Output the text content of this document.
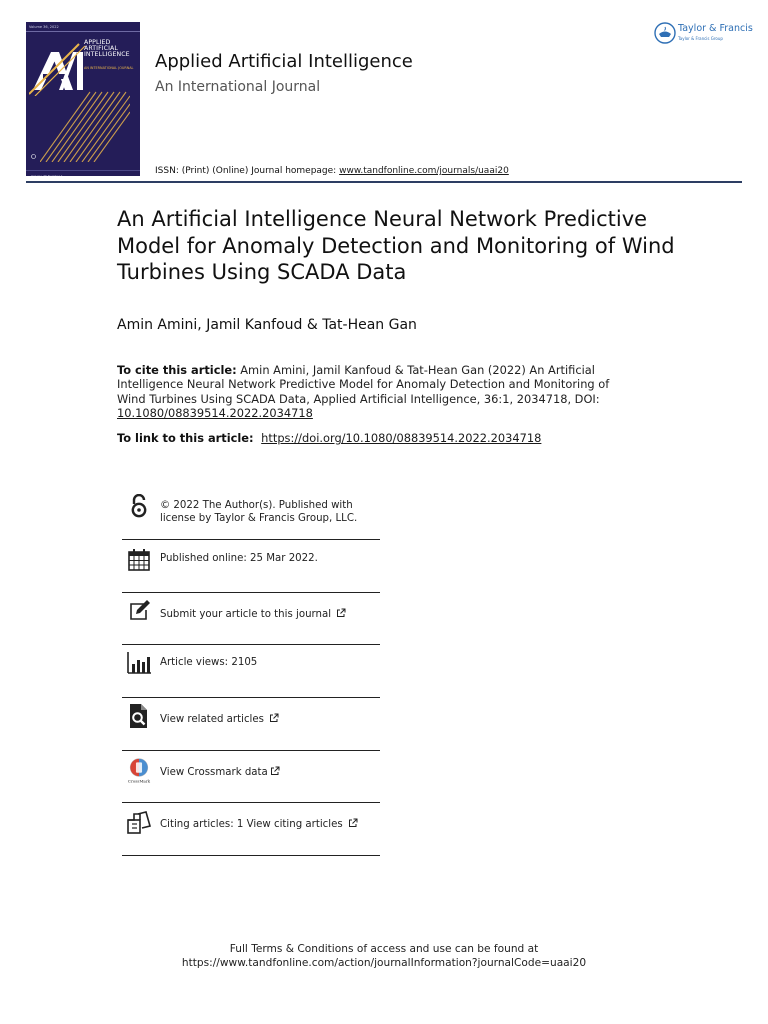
Volume 36, 2022
APPLIED
ARTIFICIAL
INTELLIGENCE
AN INTERNATIONAL JOURNAL
Volume 36 Number 1
Applied Artificial Intelligence
An International Journal
Taylor & Francis
Taylor & Francis Group
ISSN: (Print) (Online) Journal homepage: www.tandfonline.com/journals/uaai20
An Artificial Intelligence Neural Network Predictive Model for Anomaly Detection and Monitoring of Wind Turbines Using SCADA Data
Amin Amini, Jamil Kanfoud & Tat-Hean Gan
To cite this article: Amin Amini, Jamil Kanfoud & Tat-Hean Gan (2022) An Artificial Intelligence Neural Network Predictive Model for Anomaly Detection and Monitoring of Wind Turbines Using SCADA Data, Applied Artificial Intelligence, 36:1, 2034718, DOI: 10.1080/08839514.2022.2034718
To link to this article: https://doi.org/10.1080/08839514.2022.2034718
© 2022 The Author(s). Published with
license by Taylor & Francis Group, LLC.
Published online: 25 Mar 2022.
Submit your article to this journal
Article views: 2105
View related articles
CrossMark
View Crossmark data
Citing articles: 1 View citing articles
Full Terms & Conditions of access and use can be found at
https://www.tandfonline.com/action/journalInformation?journalCode=uaai20
